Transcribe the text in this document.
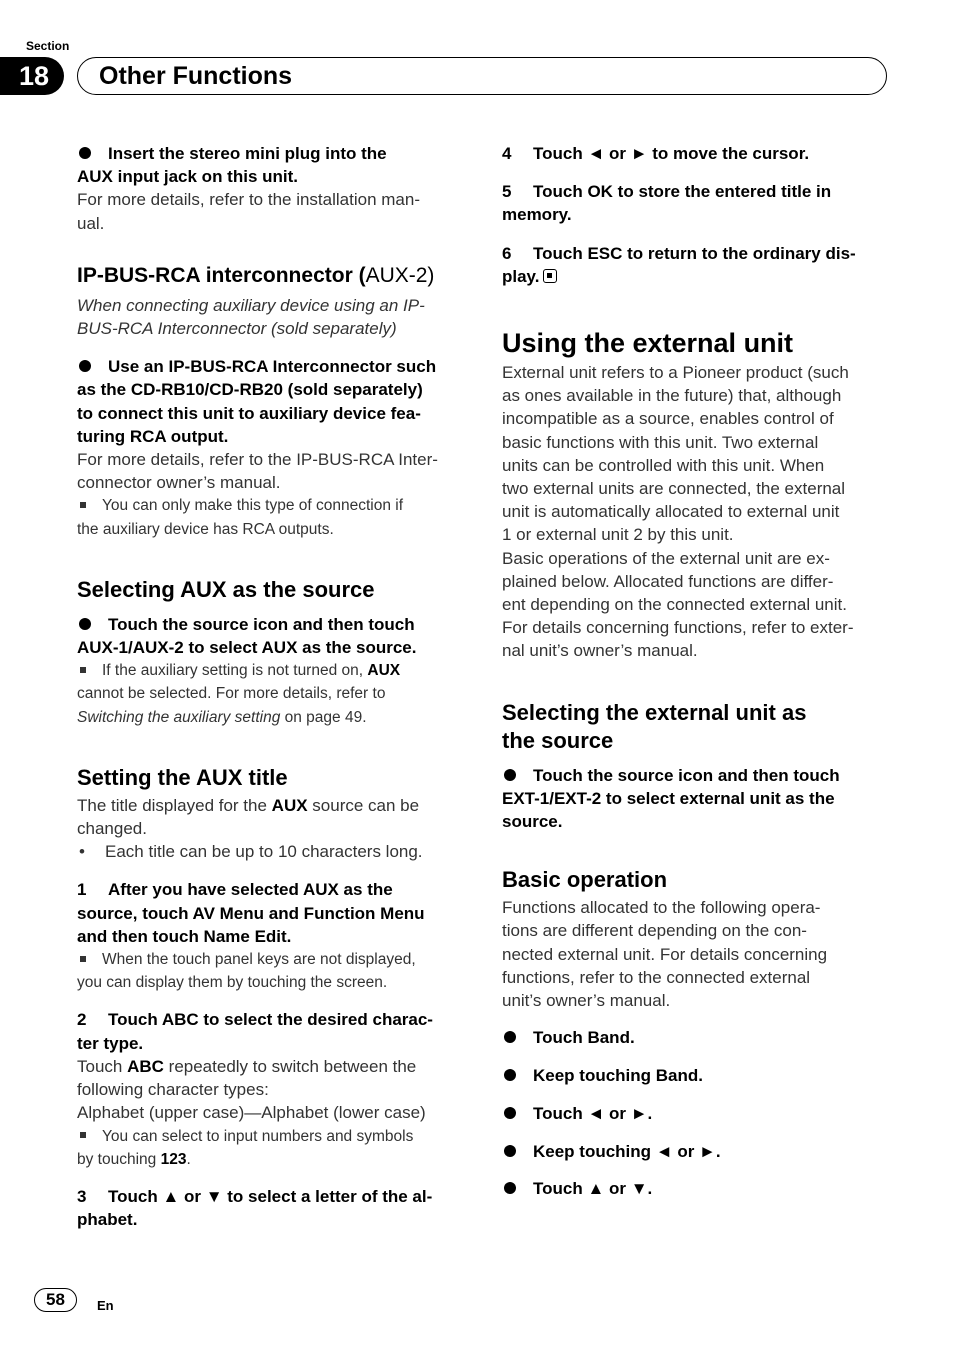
Section
18	Other Functions
Insert the stereo mini plug into the
AUX input jack on this unit.
For more details, refer to the installation man-
ual.
IP-BUS-RCA interconnector (AUX-2)
When connecting auxiliary device using an IP-
BUS-RCA Interconnector (sold separately)
Use an IP-BUS-RCA Interconnector such
as the CD-RB10/CD-RB20 (sold separately)
to connect this unit to auxiliary device fea-
turing RCA output.
For more details, refer to the IP-BUS-RCA Inter-
connector owner’s manual.
You can only make this type of connection if
the auxiliary device has RCA outputs.
Selecting AUX as the source
Touch the source icon and then touch
AUX-1/AUX-2 to select AUX as the source.
If the auxiliary setting is not turned on, AUX
cannot be selected. For more details, refer to
Switching the auxiliary setting on page 49.
Setting the AUX title
The title displayed for the AUX source can be
changed.
• Each title can be up to 10 characters long.
1 After you have selected AUX as the
source, touch AV Menu and Function Menu
and then touch Name Edit.
When the touch panel keys are not displayed,
you can display them by touching the screen.
2 Touch ABC to select the desired charac-
ter type.
Touch ABC repeatedly to switch between the
following character types:
Alphabet (upper case)—Alphabet (lower case)
You can select to input numbers and symbols
by touching 123.
3 Touch ▲ or ▼ to select a letter of the al-
phabet.
4 Touch ◄ or ► to move the cursor.
5 Touch OK to store the entered title in
memory.
6 Touch ESC to return to the ordinary dis-
play.
Using the external unit
External unit refers to a Pioneer product (such
as ones available in the future) that, although
incompatible as a source, enables control of
basic functions with this unit. Two external
units can be controlled with this unit. When
two external units are connected, the external
unit is automatically allocated to external unit
1 or external unit 2 by this unit.
Basic operations of the external unit are ex-
plained below. Allocated functions are differ-
ent depending on the connected external unit.
For details concerning functions, refer to exter-
nal unit’s owner’s manual.
Selecting the external unit as
the source
Touch the source icon and then touch
EXT-1/EXT-2 to select external unit as the
source.
Basic operation
Functions allocated to the following opera-
tions are different depending on the con-
nected external unit. For details concerning
functions, refer to the connected external
unit’s owner’s manual.
Touch Band.
Keep touching Band.
Touch ◄ or ►.
Keep touching ◄ or ►.
Touch ▲ or ▼.
58	En
